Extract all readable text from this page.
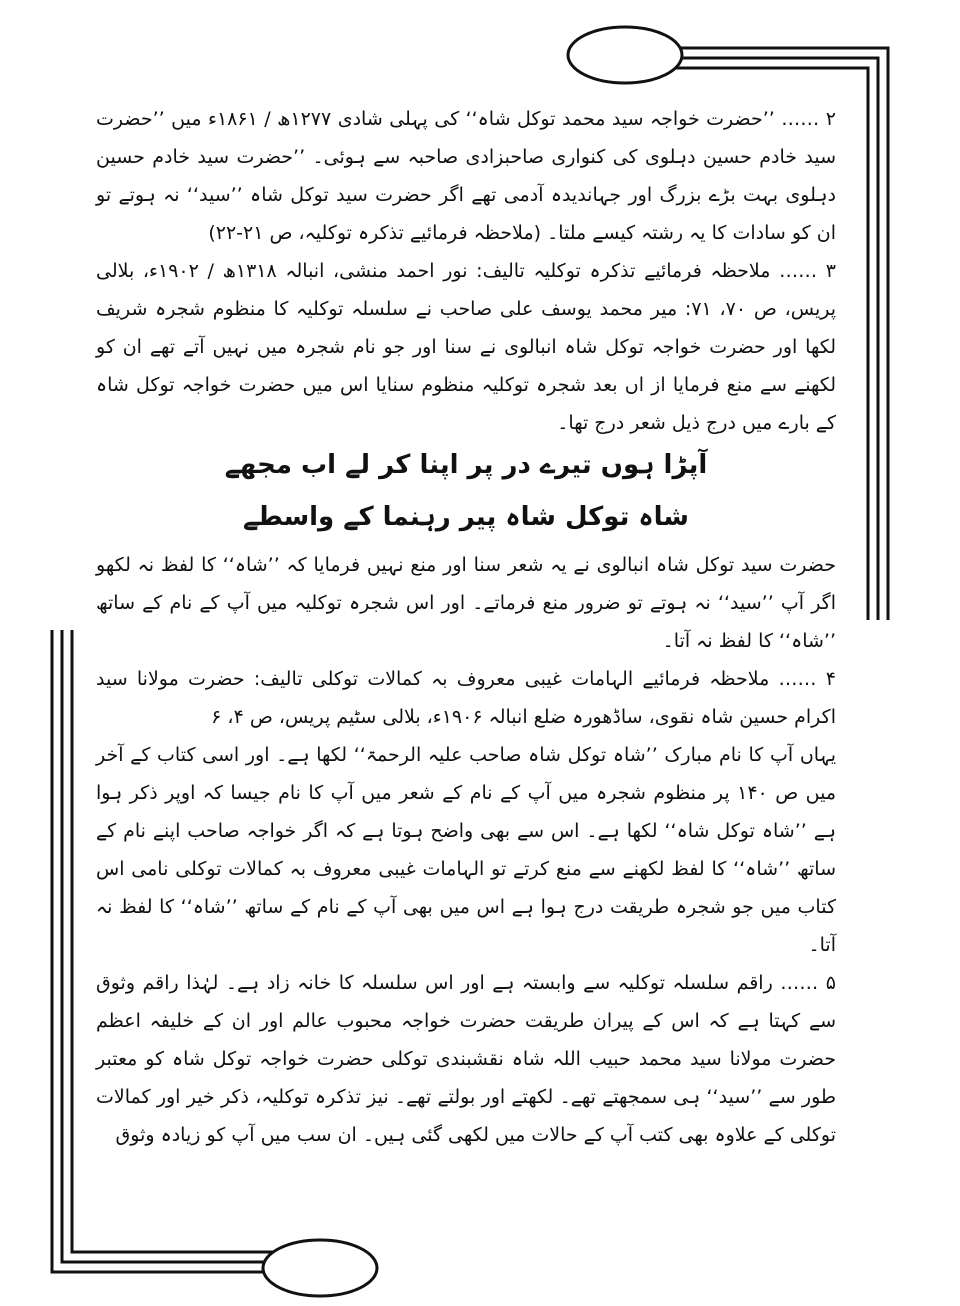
۲ …… ’’حضرت خواجہ سید محمد توکل شاہ‘‘ کی پہلی شادی ۱۲۷۷ھ / ۱۸۶۱ء میں ’’حضرت سید خادم حسین دہلوی کی کنواری صاحبزادی صاحبہ سے ہوئی۔ ’’حضرت سید خادم حسین دہلوی بہت بڑے بزرگ اور جہاندیدہ آدمی تھے اگر حضرت سید توکل شاہ ’’سید‘‘ نہ ہوتے تو ان کو سادات کا یہ رشتہ کیسے ملتا۔ (ملاحظہ فرمائیے تذکرہ توکلیہ، ص ۲۱-۲۲)

۳ …… ملاحظہ فرمائیے تذکرہ توکلیہ تالیف: نور احمد منشی، انبالہ ۱۳۱۸ھ / ۱۹۰۲ء، بلالی پریس، ص ۷۰، ۷۱: میر محمد یوسف علی صاحب نے سلسلہ توکلیہ کا منظوم شجرہ شریف لکھا اور حضرت خواجہ توکل شاہ انبالوی نے سنا اور جو نام شجرہ میں نہیں آتے تھے ان کو لکھنے سے منع فرمایا از اں بعد شجرہ توکلیہ منظوم سنایا اس میں حضرت خواجہ توکل شاہ کے بارے میں درج ذیل شعر درج تھا۔

آپڑا ہوں تیرے در پر اپنا کر لے اب مجھے

شاہ توکل شاہ پیر رہنما کے واسطے

حضرت سید توکل شاہ انبالوی نے یہ شعر سنا اور منع نہیں فرمایا کہ ’’شاہ‘‘ کا لفظ نہ لکھو اگر آپ ’’سید‘‘ نہ ہوتے تو ضرور منع فرماتے۔ اور اس شجرہ توکلیہ میں آپ کے نام کے ساتھ ’’شاہ‘‘ کا لفظ نہ آتا۔

۴ …… ملاحظہ فرمائیے الہامات غیبی معروف بہ کمالات توکلی تالیف: حضرت مولانا سید اکرام حسین شاہ نقوی، ساڈھورہ ضلع انبالہ ۱۹۰۶ء، بلالی سٹیم پریس، ص ۴، ۶

یہاں آپ کا نام مبارک ’’شاہ توکل شاہ صاحب علیہ الرحمۃ‘‘ لکھا ہے۔ اور اسی کتاب کے آخر میں ص ۱۴۰ پر منظوم شجرہ میں آپ کے نام کے شعر میں آپ کا نام جیسا کہ اوپر ذکر ہوا ہے ’’شاہ توکل شاہ‘‘ لکھا ہے۔ اس سے بھی واضح ہوتا ہے کہ اگر خواجہ صاحب اپنے نام کے ساتھ ’’شاہ‘‘ کا لفظ لکھنے سے منع کرتے تو الہامات غیبی معروف بہ کمالات توکلی نامی اس کتاب میں جو شجرہ طریقت درج ہوا ہے اس میں بھی آپ کے نام کے ساتھ ’’شاہ‘‘ کا لفظ نہ آتا۔

۵ …… راقم سلسلہ توکلیہ سے وابستہ ہے اور اس سلسلہ کا خانہ زاد ہے۔ لہٰذا راقم وثوق سے کہتا ہے کہ اس کے پیران طریقت حضرت خواجہ محبوب عالم اور ان کے خلیفہ اعظم حضرت مولانا سید محمد حبیب اللہ شاہ نقشبندی توکلی حضرت خواجہ توکل شاہ کو معتبر طور سے ’’سید‘‘ ہی سمجھتے تھے۔ لکھتے اور بولتے تھے۔ نیز تذکرہ توکلیہ، ذکر خیر اور کمالات توکلی کے علاوہ بھی کتب آپ کے حالات میں لکھی گئی ہیں۔ ان سب میں آپ کو زیادہ وثوق
